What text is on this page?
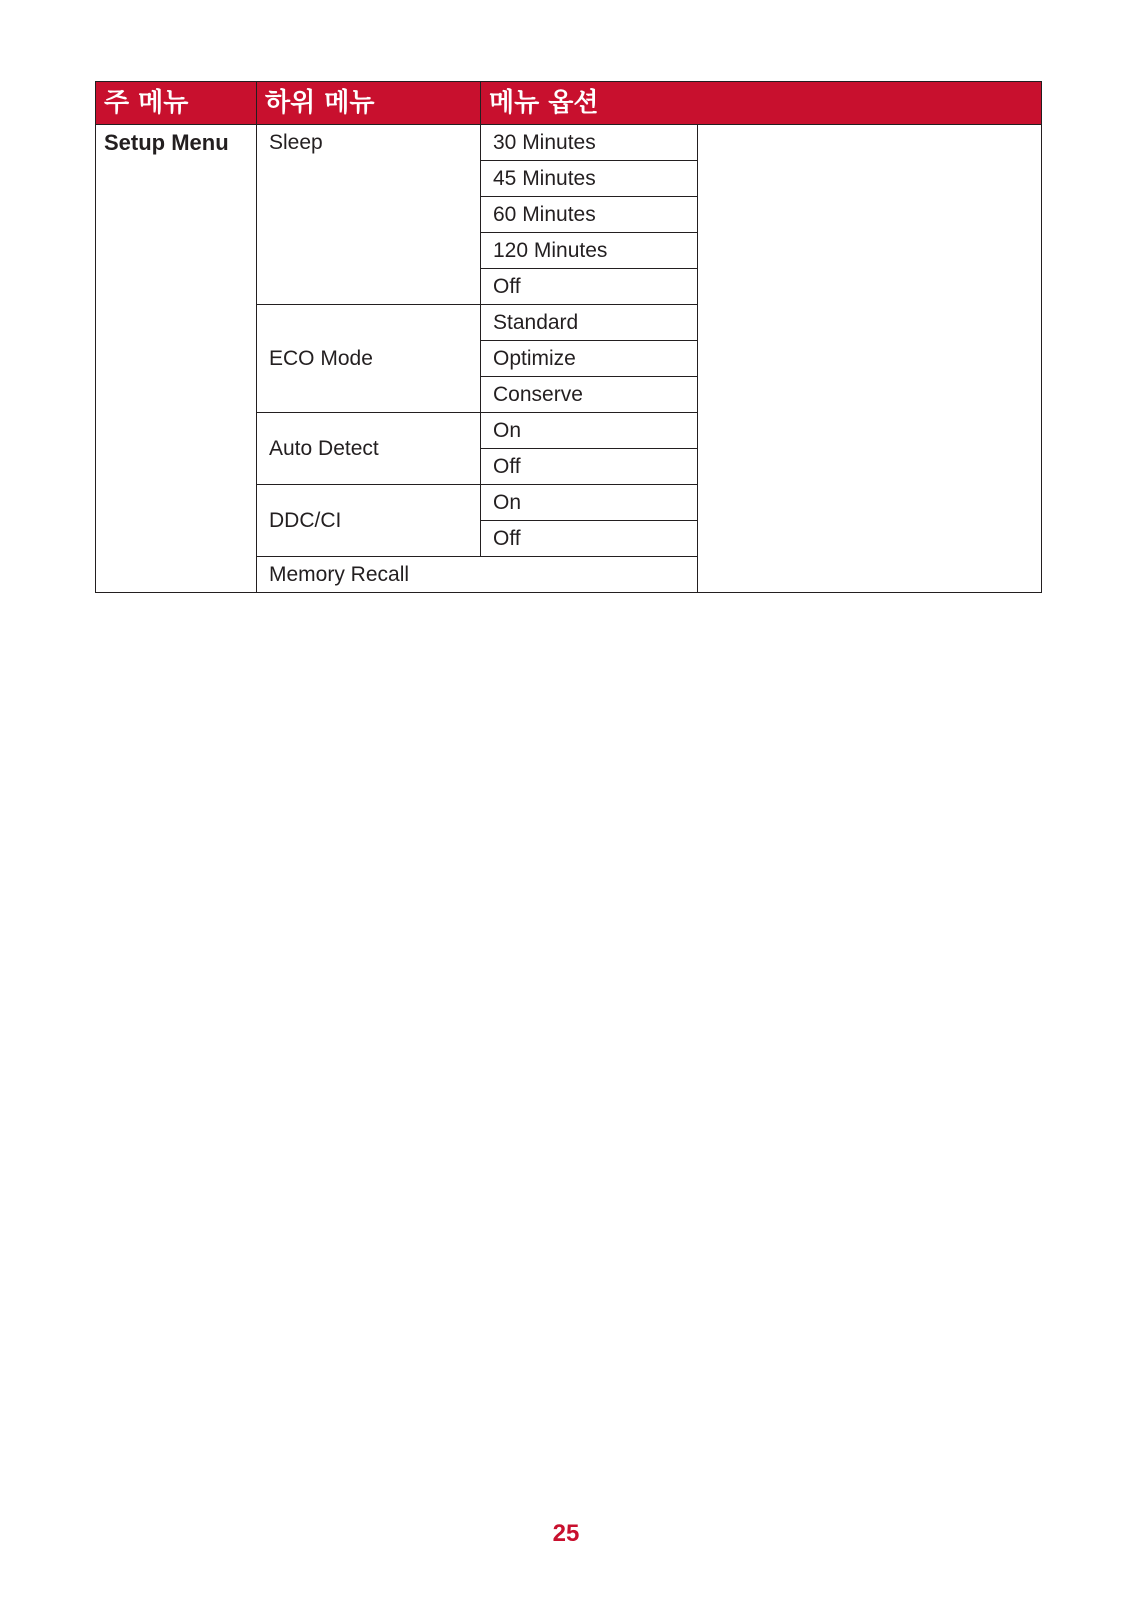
주 메뉴	하위 메뉴	메뉴 옵션	
Setup Menu	Sleep	30 Minutes	
		45 Minutes	
		60 Minutes	
		120 Minutes	
		Off	
	ECO Mode	Standard	
		Optimize	
		Conserve	
	Auto Detect	On	
		Off	
	DDC/CI	On	
		Off	
	Memory Recall		
25
